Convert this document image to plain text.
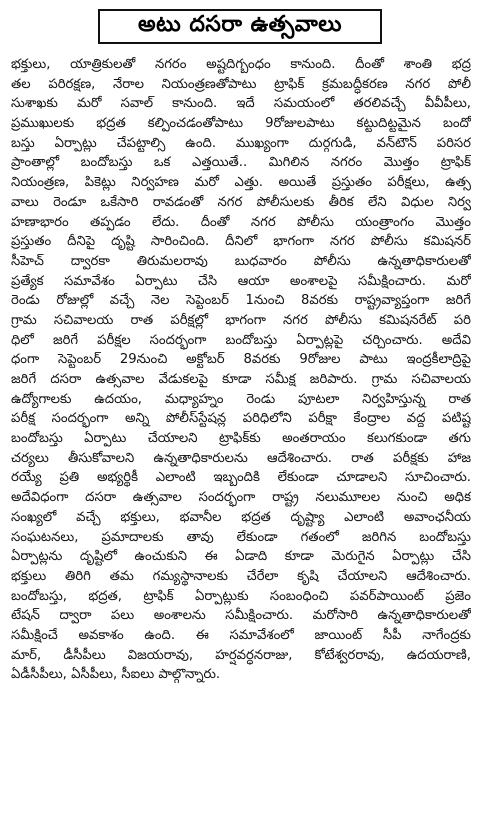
అటు దసరా ఉత్సవాలు
భక్తులు, యాత్రికులతో నగరం అష్టదిగ్బంధం కానుంది. దీంతో శాంతి భద్ర
తల పరిరక్షణ, నేరాల నియంత్రణతోపాటు ట్రాఫిక్ క్రమబద్ధీకరణ నగర పోలీ
సుశాఖకు మరో సవాల్ కానుంది. ఇదే సమయంలో తరలివచ్చే వీవీపీలు,
ప్రముఖులకు భద్రత కల్పించడంతోపాటు 9రోజులపాటు కట్టుదిట్టమైన బందో
బస్తు ఏర్పాట్లు చేపట్టాల్సి ఉంది. ముఖ్యంగా దుర్గగుడి, వన్‌టౌన్ పరిసర
ప్రాంతాల్లో బందోబస్తు ఒక ఎత్తయితే.. మిగిలిన నగరం మొత్తం ట్రాఫిక్
నియంత్రణ, పికెట్లు నిర్వహణ మరో ఎత్తు. అయితే ప్రస్తుతం పరీక్షలు, ఉత్స
వాలు రెండూ ఒకేసారి రావడంతో నగర పోలీసులకు తీరిక లేని విధుల నిర్వ
హణాభారం తప్పడం లేదు. దీంతో నగర పోలీసు యంత్రాంగం మొత్తం
ప్రస్తుతం దీనిపై దృష్టి సారించింది. దీనిలో భాగంగా నగర పోలీసు కమిషనర్
సీహెచ్ ద్వారకా తిరుమలరావు బుధవారం పోలీసు ఉన్నతాధికారులతో
ప్రత్యేక సమావేశం ఏర్పాటు చేసి ఆయా అంశాలపై సమీక్షించారు. మరో
రెండు రోజుల్లో వచ్చే నెల సెప్టెంబర్ 1నుంచి 8వరకు రాష్ట్రవ్యాప్తంగా జరిగే
గ్రామ సచివాలయ రాత పరీక్షల్లో భాగంగా నగర పోలీసు కమిషనరేట్ పరి
ధిలో జరిగే పరీక్షల సందర్భంగా బందోబస్తు ఏర్పాట్లపై చర్చించారు. అదేవి
ధంగా సెప్టెంబర్ 29నుంచి అక్టోబర్ 8వరకు 9రోజుల పాటు ఇంద్రకీలాద్రిపై
జరిగే దసరా ఉత్సవాల వేడుకలపై కూడా సమీక్ష జరిపారు. గ్రామ సచివాలయ
ఉద్యోగాలకు ఉదయం, మధ్యాహ్నం రెండు పూటలా నిర్వహిస్తున్న రాత
పరీక్ష సందర్భంగా అన్ని పోలీస్‌స్టేషన్ల పరిధిలోని పరీక్షా కేంద్రాల వద్ద పటిష్ట
బందోబస్తు ఏర్పాటు చేయాలని ట్రాఫిక్‌కు అంతరాయం కలుగకుండా తగు
చర్యలు తీసుకోవాలని ఉన్నతాధికారులను ఆదేశించారు. రాత పరీక్షకు హాజ
రయ్యే ప్రతి అభ్యర్థికీ ఎలాంటి ఇబ్బందికి లేకుండా చూడాలని సూచించారు.
అదేవిధంగా దసరా ఉత్సవాల సందర్భంగా రాష్ట్ర నలుమూలల నుంచి అధిక
సంఖ్యలో వచ్చే భక్తులు, భవానీల భద్రత దృష్ట్యా ఎలాంటి అవాంఛనీయ
సంఘటనలు, ప్రమాదాలకు తావు లేకుండా గతంలో జరిగిన బందోబస్తు
ఏర్పాట్లను దృష్టిలో ఉంచుకుని ఈ ఏడాది కూడా మెరుగైన ఏర్పాట్లు చేసి
భక్తులు తిరిగి తమ గమ్యస్థానాలకు చేరేలా కృషి చేయాలని ఆదేశించారు.
బందోబస్తు, భద్రత, ట్రాఫిక్ ఏర్పాట్లుకు సంబంధించి పవర్‌పాయింట్ ప్రజెం
టేషన్ ద్వారా పలు అంశాలను సమీక్షించారు. మరోసారి ఉన్నతాధికారులతో
సమీక్షించే అవకాశం ఉంది. ఈ సమావేశంలో జాయింట్ సీపీ నాగేంద్రకు
మార్, డీసీపీలు విజయరావు, హర్షవర్ధనరాజు, కోటేశ్వరరావు, ఉదయరాణి,
ఏడీసీపీలు, ఏసీపీలు, సీఐలు పాల్గొన్నారు.
